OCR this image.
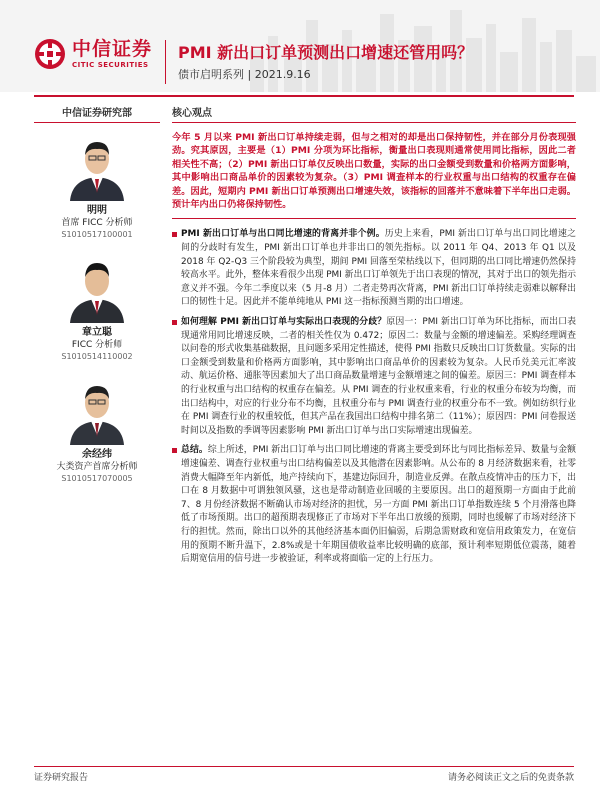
中信证券
CITIC SECURITIES
PMI 新出口订单预测出口增速还管用吗？
债市启明系列 | 2021.9.16
中信证券研究部
明明
首席 FICC 分析师
S1010517100001
章立聪
FICC 分析师
S1010514110002
余经纬
大类资产首席分析师
S1010517070005
核心观点
今年 5 月以来 PMI 新出口订单持续走弱，但与之相对的却是出口保持韧性，并在部分月份表现强劲。究其原因，主要是（1）PMI 分项为环比指标，衡量出口表现则通常使用同比指标，因此二者相关性不高；（2）PMI 新出口订单仅反映出口数量，实际的出口金额受到数量和价格两方面影响，其中影响出口商品单价的因素较为复杂。（3）PMI 调查样本的行业权重与出口结构的权重存在偏差。因此，短期内 PMI 新出口订单预测出口增速失效，该指标的回落并不意味着下半年出口走弱。预计年内出口仍将保持韧性。
PMI 新出口订单与出口同比增速的背离并非个例。历史上来看，PMI 新出口订单与出口同比增速之间的分歧时有发生，PMI 新出口订单也并非出口的领先指标。以 2011 年 Q4、2013 年 Q1 以及 2018 年 Q2-Q3 三个阶段较为典型，期间 PMI 回落至荣枯线以下，但同期的出口同比增速仍然保持较高水平。此外，整体来看很少出现 PMI 新出口订单领先于出口表现的情况，其对于出口的领先指示意义并不强。今年二季度以来（5 月-8 月）二者走势再次背离，PMI 新出口订单持续走弱难以解释出口的韧性十足。因此并不能单纯地从 PMI 这一指标预测当期的出口增速。
如何理解 PMI 新出口订单与实际出口表现的分歧？原因一：PMI 新出口订单为环比指标，而出口表现通常用同比增速反映，二者的相关性仅为 0.472；原因二：数量与金额的增速偏差。采购经理调查以问卷的形式收集基础数据，且问题多采用定性描述，使得 PMI 指数只反映出口订货数量。实际的出口金额受到数量和价格两方面影响，其中影响出口商品单价的因素较为复杂。人民币兑美元汇率波动、航运价格、通胀等因素加大了出口商品数量增速与金额增速之间的偏差。原因三：PMI 调查样本的行业权重与出口结构的权重存在偏差。从 PMI 调查的行业权重来看，行业的权重分布较为均衡，而出口结构中，对应的行业分布不均衡，且权重分布与 PMI 调查行业的权重分布不一致。例如纺织行业在 PMI 调查行业的权重较低，但其产品在我国出口结构中排名第二（11%）；原因四：PMI 问卷报送时间以及指数的季调等因素影响 PMI 新出口订单与出口实际增速出现偏差。
总结。综上所述，PMI 新出口订单与出口同比增速的背离主要受到环比与同比指标差异、数量与金额增速偏差、调查行业权重与出口结构偏差以及其他潜在因素影响。从公布的 8 月经济数据来看，社零消费大幅降至年内新低，地产持续向下，基建边际回升，制造业反弹。在散点疫情冲击的压力下，出口在 8 月数据中可谓独领风骚，这也是带动制造业回暖的主要原因。出口的超预期一方面由于此前 7、8 月份经济数据不断确认市场对经济的担忧，另一方面 PMI 新出口订单指数连续 5 个月滑落也降低了市场预期。出口的超预期表现修正了市场对下半年出口放缓的预期，同时也缓解了市场对经济下行的担忧。然而，除出口以外的其他经济基本面仍旧偏弱，后期急需财政和宽信用政策发力，在宽信用的预期不断升温下，2.8%或是十年期国债收益率比较明确的底部，预计利率短期低位震荡，随着后期宽信用的信号进一步被验证，利率或将面临一定的上行压力。
证券研究报告	请务必阅读正文之后的免责条款
